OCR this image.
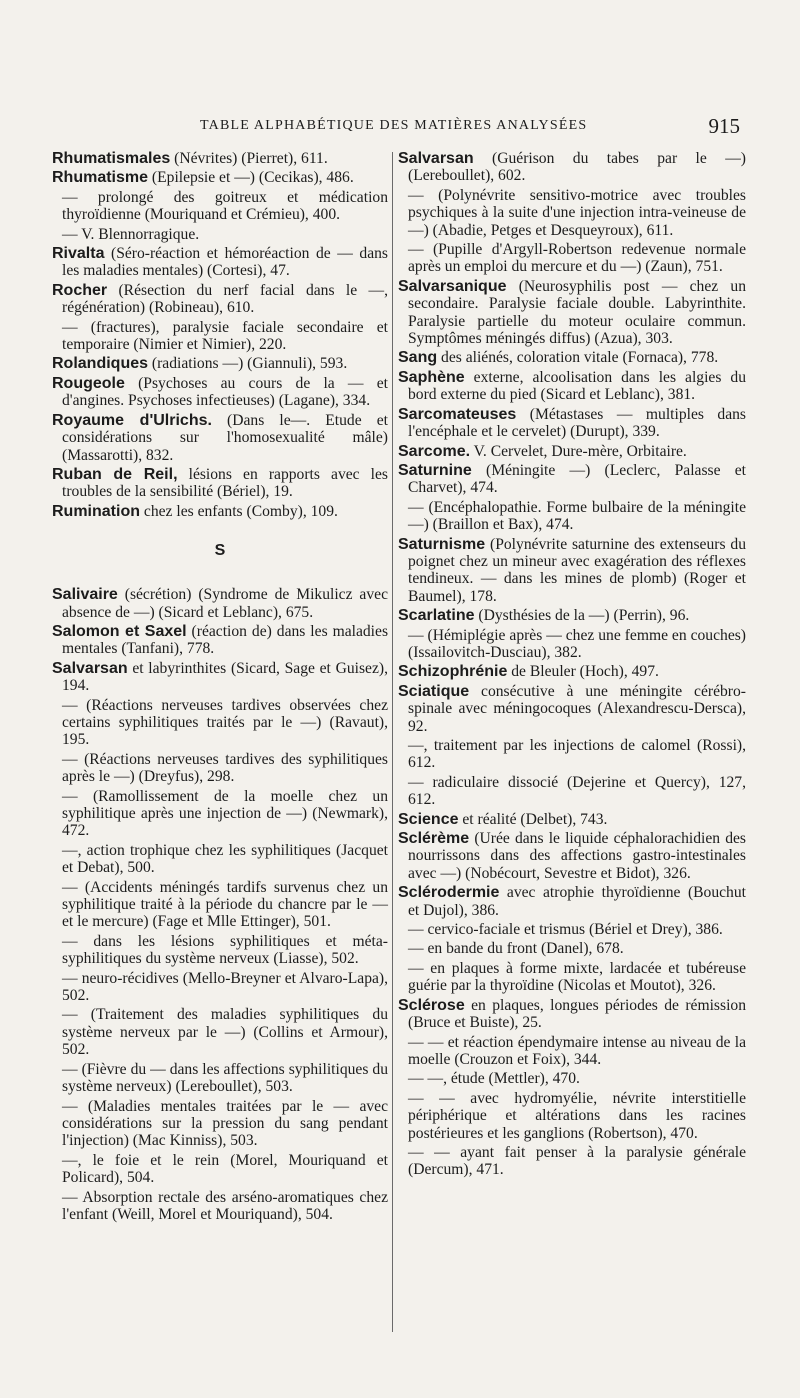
TABLE ALPHABÉTIQUE DES MATIÈRES ANALYSÉES	915

Rhumatismales (Névrites) (Pierret), 611.

Rhumatisme (Epilepsie et —) (Cecikas), 486.

— prolongé des goitreux et médication thyroïdienne (Mouriquand et Crémieu), 400.

— V. Blennorragique.

Rivalta (Séro-réaction et hémoréaction de — dans les maladies mentales) (Cortesi), 47.

Rocher (Résection du nerf facial dans le —, régénération) (Robineau), 610.

— (fractures), paralysie faciale secondaire et temporaire (Nimier et Nimier), 220.

Rolandiques (radiations —) (Giannuli), 593.

Rougeole (Psychoses au cours de la — et d'angines. Psychoses infectieuses) (Lagane), 334.

Royaume d'Ulrichs. (Dans le—. Etude et considérations sur l'homosexualité mâle) (Massarotti), 832.

Ruban de Reil, lésions en rapports avec les troubles de la sensibilité (Bériel), 19.

Rumination chez les enfants (Comby), 109.

S

Salivaire (sécrétion) (Syndrome de Mikulicz avec absence de —) (Sicard et Leblanc), 675.

Salomon et Saxel (réaction de) dans les maladies mentales (Tanfani), 778.

Salvarsan et labyrinthites (Sicard, Sage et Guisez), 194.

— (Réactions nerveuses tardives observées chez certains syphilitiques traités par le —) (Ravaut), 195.

— (Réactions nerveuses tardives des syphilitiques après le —) (Dreyfus), 298.

— (Ramollissement de la moelle chez un syphilitique après une injection de —) (Newmark), 472.

—, action trophique chez les syphilitiques (Jacquet et Debat), 500.

— (Accidents méningés tardifs survenus chez un syphilitique traité à la période du chancre par le — et le mercure) (Fage et Mlle Ettinger), 501.

— dans les lésions syphilitiques et méta-syphilitiques du système nerveux (Liasse), 502.

— neuro-récidives (Mello-Breyner et Alvaro-Lapa), 502.

— (Traitement des maladies syphilitiques du système nerveux par le —) (Collins et Armour), 502.

— (Fièvre du — dans les affections syphilitiques du système nerveux) (Lereboullet), 503.

— (Maladies mentales traitées par le — avec considérations sur la pression du sang pendant l'injection) (Mac Kinniss), 503.

—, le foie et le rein (Morel, Mouriquand et Policard), 504.

— Absorption rectale des arséno-aromatiques chez l'enfant (Weill, Morel et Mouriquand), 504.

Salvarsan (Guérison du tabes par le —) (Lereboullet), 602.

— (Polynévrite sensitivo-motrice avec troubles psychiques à la suite d'une injection intra-veineuse de —) (Abadie, Petges et Desqueyroux), 611.

— (Pupille d'Argyll-Robertson redevenue normale après un emploi du mercure et du —) (Zaun), 751.

Salvarsanique (Neurosyphilis post — chez un secondaire. Paralysie faciale double. Labyrinthite. Paralysie partielle du moteur oculaire commun. Symptômes méningés diffus) (Azua), 303.

Sang des aliénés, coloration vitale (Fornaca), 778.

Saphène externe, alcoolisation dans les algies du bord externe du pied (Sicard et Leblanc), 381.

Sarcomateuses (Métastases — multiples dans l'encéphale et le cervelet) (Durupt), 339.

Sarcome. V. Cervelet, Dure-mère, Orbitaire.

Saturnine (Méningite —) (Leclerc, Palasse et Charvet), 474.

— (Encéphalopathie. Forme bulbaire de la méningite —) (Braillon et Bax), 474.

Saturnisme (Polynévrite saturnine des extenseurs du poignet chez un mineur avec exagération des réflexes tendineux. — dans les mines de plomb) (Roger et Baumel), 178.

Scarlatine (Dysthésies de la —) (Perrin), 96.

— (Hémiplégie après — chez une femme en couches) (Issailovitch-Dusciau), 382.

Schizophrénie de Bleuler (Hoch), 497.

Sciatique consécutive à une méningite cérébro-spinale avec méningocoques (Alexandrescu-Dersca), 92.

—, traitement par les injections de calomel (Rossi), 612.

— radiculaire dissocié (Dejerine et Quercy), 127, 612.

Science et réalité (Delbet), 743.

Sclérème (Urée dans le liquide céphalorachidien des nourrissons dans des affections gastro-intestinales avec —) (Nobécourt, Sevestre et Bidot), 326.

Sclérodermie avec atrophie thyroïdienne (Bouchut et Dujol), 386.

— cervico-faciale et trismus (Bériel et Drey), 386.

— en bande du front (Danel), 678.

— en plaques à forme mixte, lardacée et tubéreuse guérie par la thyroïdine (Nicolas et Moutot), 326.

Sclérose en plaques, longues périodes de rémission (Bruce et Buiste), 25.

— — et réaction épendymaire intense au niveau de la moelle (Crouzon et Foix), 344.

— —, étude (Mettler), 470.

— — avec hydromyélie, névrite interstitielle périphérique et altérations dans les racines postérieures et les ganglions (Robertson), 470.

— — ayant fait penser à la paralysie générale (Dercum), 471.
